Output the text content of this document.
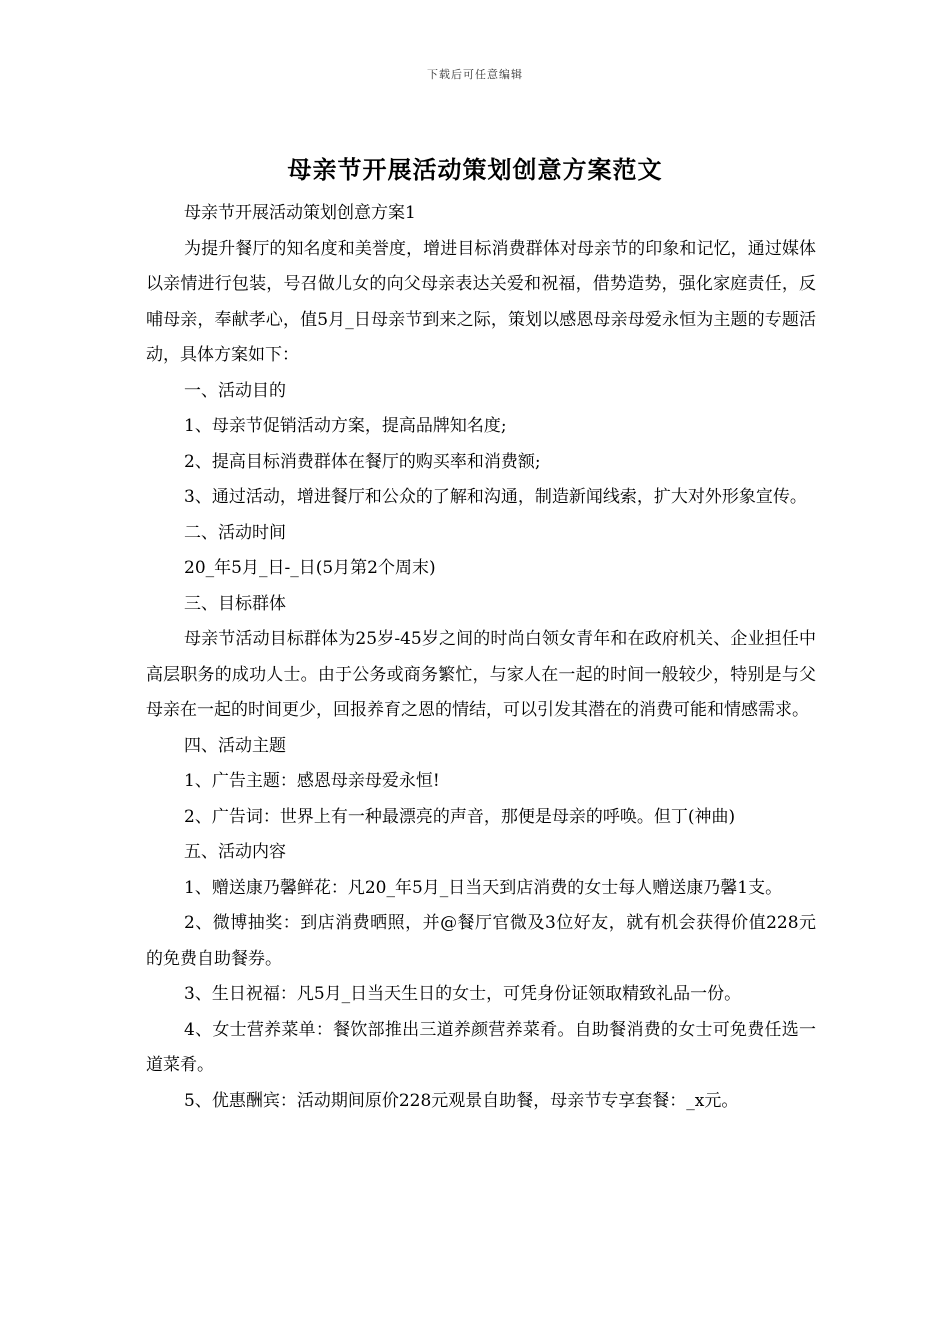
下载后可任意编辑
母亲节开展活动策划创意方案范文

母亲节开展活动策划创意方案1

为提升餐厅的知名度和美誉度，增进目标消费群体对母亲节的印象和记忆，通过媒体以亲情进行包装，号召做儿女的向父母亲表达关爱和祝福，借势造势，强化家庭责任，反哺母亲，奉献孝心，值5月_日母亲节到来之际，策划以感恩母亲母爱永恒为主题的专题活动，具体方案如下：

一、活动目的

1、母亲节促销活动方案，提高品牌知名度;

2、提高目标消费群体在餐厅的购买率和消费额;

3、通过活动，增进餐厅和公众的了解和沟通，制造新闻线索，扩大对外形象宣传。

二、活动时间

20_年5月_日-_日(5月第2个周末)

三、目标群体

母亲节活动目标群体为25岁-45岁之间的时尚白领女青年和在政府机关、企业担任中高层职务的成功人士。由于公务或商务繁忙，与家人在一起的时间一般较少，特别是与父母亲在一起的时间更少，回报养育之恩的情结，可以引发其潜在的消费可能和情感需求。

四、活动主题

1、广告主题：感恩母亲母爱永恒!

2、广告词：世界上有一种最漂亮的声音，那便是母亲的呼唤。但丁(神曲)

五、活动内容

1、赠送康乃馨鲜花：凡20_年5月_日当天到店消费的女士每人赠送康乃馨1支。

2、微博抽奖：到店消费晒照，并@餐厅官微及3位好友，就有机会获得价值228元的免费自助餐券。

3、生日祝福：凡5月_日当天生日的女士，可凭身份证领取精致礼品一份。

4、女士营养菜单：餐饮部推出三道养颜营养菜肴。自助餐消费的女士可免费任选一道菜肴。

5、优惠酬宾：活动期间原价228元观景自助餐，母亲节专享套餐：_x元。
